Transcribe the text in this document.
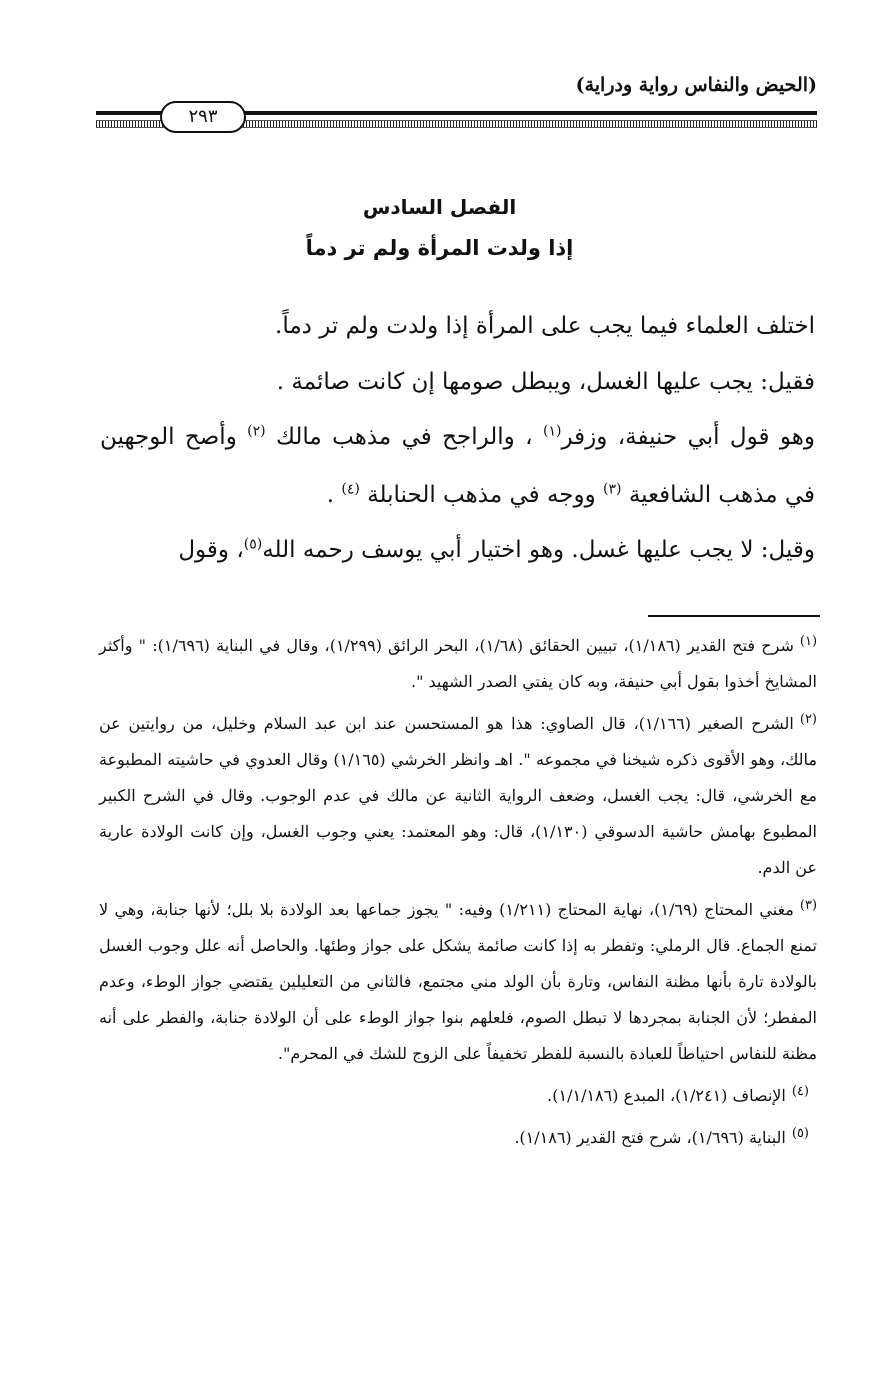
(الحيض والنفاس رواية ودراية)
٢٩٣
الفصل السادس
إذا ولدت المرأة ولم تر دماً

اختلف العلماء فيما يجب على المرأة إذا ولدت ولم تر دماً.

فقيل: يجب عليها الغسل، ويبطل صومها إن كانت صائمة .

وهو قول أبي حنيفة، وزفر( $^١$ ) ، والراجح في مذهب مالك ( $^٢$ ) وأصح الوجهين في مذهب الشافعية ( $^٣$ ) ووجه في مذهب الحنابلة ( $^٤$ ) .

وقيل: لا يجب عليها غسل. وهو اختيار أبي يوسف رحمه الله( $^٥$ )، وقول

١شرح فتح القدير (١/١٨٦)، تبيين الحقائق (١/٦٨)، البحر الرائق (١/٢٩٩)، وقال في البناية (١/٦٩٦): " وأكثر المشايخ أخذوا بقول أبي حنيفة، وبه كان يفتي الصدر الشهيد ".

٢الشرح الصغير (١/١٦٦)، قال الصاوي: هذا هو المستحسن عند ابن عبد السلام وخليل، من روايتين عن مالك، وهو الأقوى ذكره شيخنا في مجموعه ". اهـ وانظر الخرشي (١/١٦٥) وقال العدوي في حاشيته المطبوعة مع الخرشي، قال: يجب الغسل، وضعف الرواية الثانية عن مالك في عدم الوجوب. وقال في الشرح الكبير المطبوع بهامش حاشية الدسوقي (١/١٣٠)، قال: وهو المعتمد: يعني وجوب الغسل، وإن كانت الولادة عارية عن الدم.

٣مغني المحتاج (١/٦٩)، نهاية المحتاج (١/٢١١) وفيه: " يجوز جماعها بعد الولادة بلا بلل؛ لأنها جنابة، وهي لا تمنع الجماع. قال الرملي: وتفطر به إذا كانت صائمة يشكل على جواز وطئها. والحاصل أنه علل وجوب الغسل بالولادة تارة بأنها مظنة النفاس، وتارة بأن الولد مني مجتمع، فالثاني من التعليلين يقتضي جواز الوطء، وعدم المفطر؛ لأن الجنابة بمجردها لا تبطل الصوم، فلعلهم بنوا جواز الوطء على أن الولادة جنابة، والفطر على أنه مظنة للنفاس احتياطاً للعبادة بالنسبة للفطر تخفيفاً على الزوج للشك في المحرم".

٤الإنصاف (١/٢٤١)، المبدع (١/١/١٨٦).

٥البناية (١/٦٩٦)، شرح فتح القدير (١/١٨٦).
